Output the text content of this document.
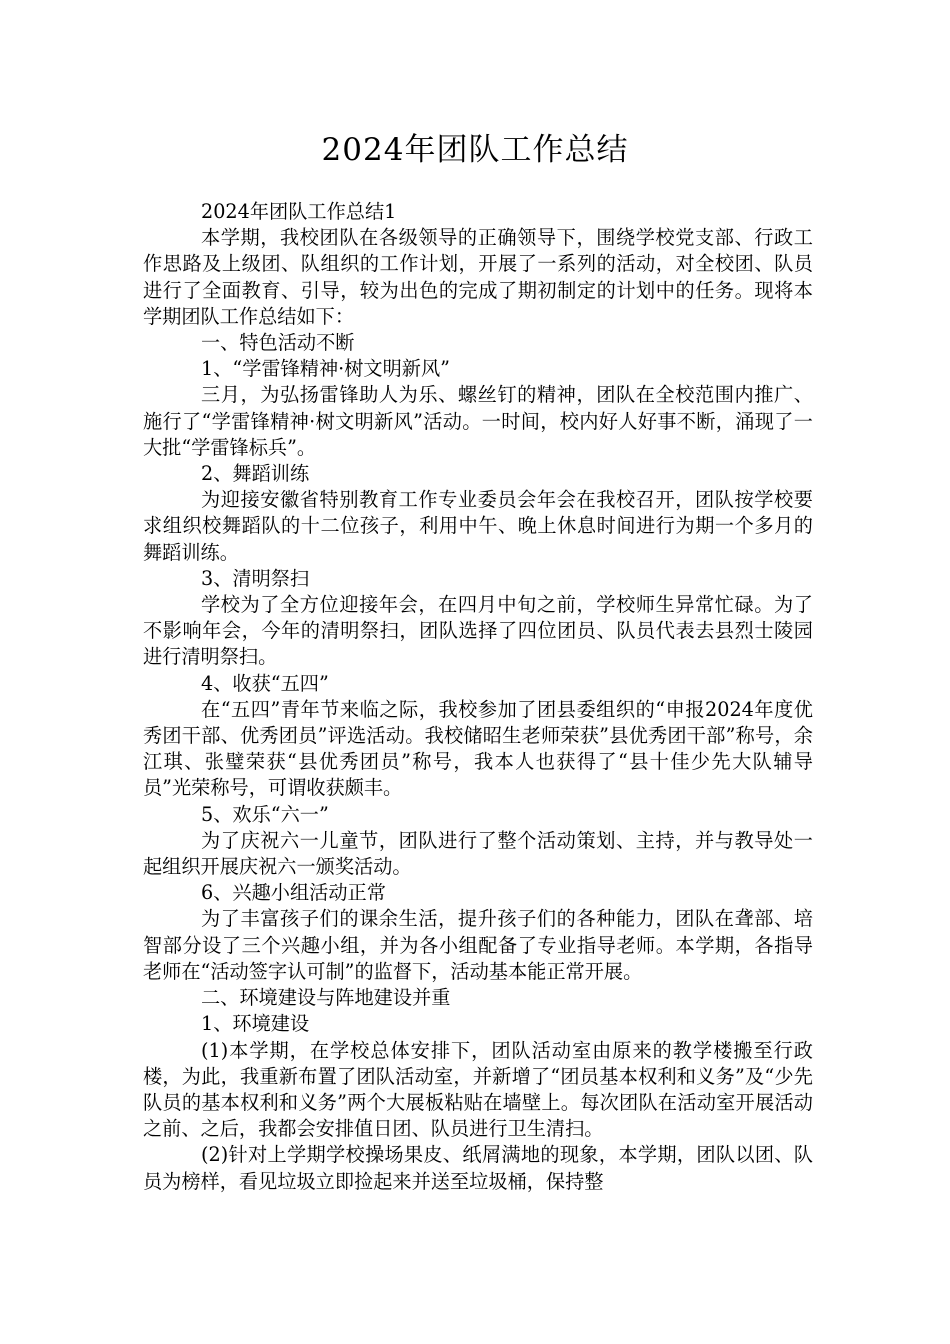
2024年团队工作总结

2024年团队工作总结1

本学期，我校团队在各级领导的正确领导下，围绕学校党支部、行政工作思路及上级团、队组织的工作计划，开展了一系列的活动，对全校团、队员进行了全面教育、引导，较为出色的完成了期初制定的计划中的任务。现将本学期团队工作总结如下：

一、特色活动不断

1、“学雷锋精神·树文明新风”

三月，为弘扬雷锋助人为乐、螺丝钉的精神，团队在全校范围内推广、施行了“学雷锋精神·树文明新风”活动。一时间，校内好人好事不断，涌现了一大批“学雷锋标兵”。

2、舞蹈训练

为迎接安徽省特别教育工作专业委员会年会在我校召开，团队按学校要求组织校舞蹈队的十二位孩子，利用中午、晚上休息时间进行为期一个多月的舞蹈训练。

3、清明祭扫

学校为了全方位迎接年会，在四月中旬之前，学校师生异常忙碌。为了不影响年会，今年的清明祭扫，团队选择了四位团员、队员代表去县烈士陵园进行清明祭扫。

4、收获“五四”

在“五四”青年节来临之际，我校参加了团县委组织的“申报2024年度优秀团干部、优秀团员”评选活动。我校储昭生老师荣获”县优秀团干部”称号，余江琪、张璧荣获“县优秀团员”称号，我本人也获得了“县十佳少先大队辅导员”光荣称号，可谓收获颇丰。

5、欢乐“六一”

为了庆祝六一儿童节，团队进行了整个活动策划、主持，并与教导处一起组织开展庆祝六一颁奖活动。

6、兴趣小组活动正常

为了丰富孩子们的课余生活，提升孩子们的各种能力，团队在聋部、培智部分设了三个兴趣小组，并为各小组配备了专业指导老师。本学期，各指导老师在“活动签字认可制”的监督下，活动基本能正常开展。

二、环境建设与阵地建设并重

1、环境建设

(1)本学期，在学校总体安排下，团队活动室由原来的教学楼搬至行政楼，为此，我重新布置了团队活动室，并新增了“团员基本权利和义务”及“少先队员的基本权利和义务”两个大展板粘贴在墙壁上。每次团队在活动室开展活动之前、之后，我都会安排值日团、队员进行卫生清扫。

(2)针对上学期学校操场果皮、纸屑满地的现象，本学期，团队以团、队员为榜样，看见垃圾立即捡起来并送至垃圾桶，保持整
